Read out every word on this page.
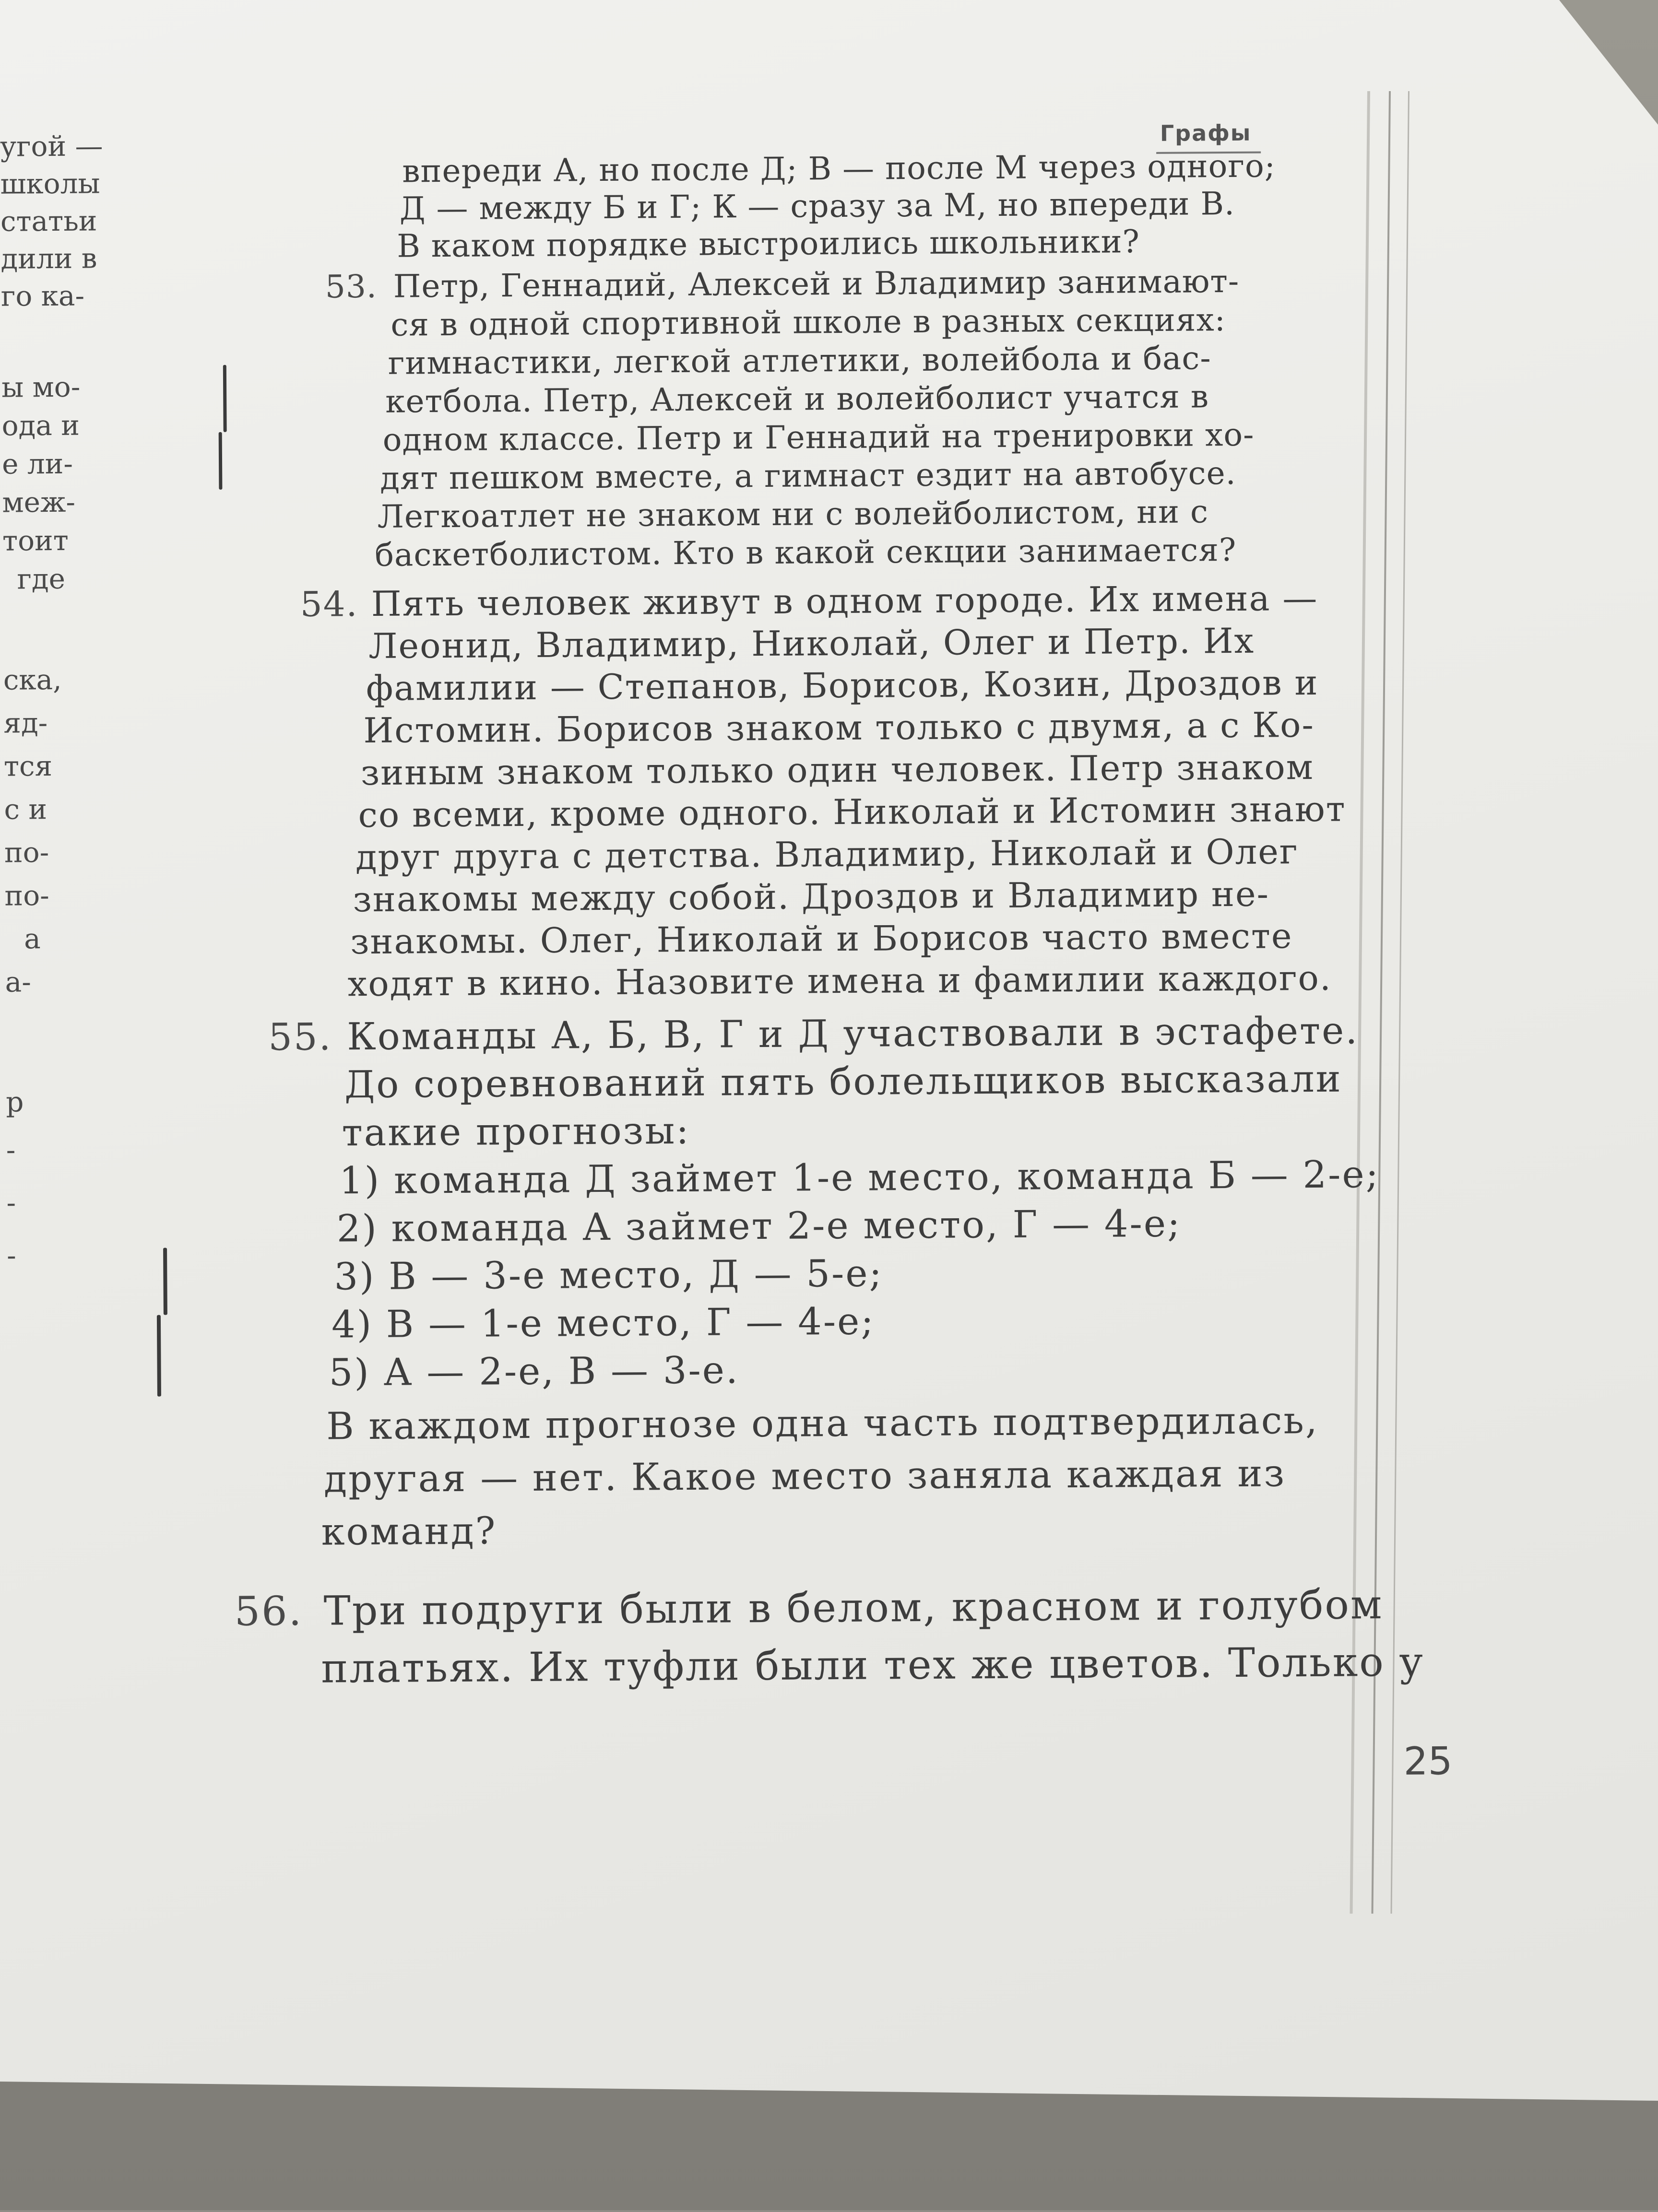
Графы
угой —
школы
статьи
дили в
го ка-
ы мо-
ода и
е ли-
меж-
тоит
где
ска,
яд-
тся
с и
по-
по-
а
а-
р
-
-
-
впереди А, но после Д; В — после М через одного;
Д — между Б и Г; К — сразу за М, но впереди В.
В каком порядке выстроились школьники?
53. Петр, Геннадий, Алексей и Владимир занимают-
ся в одной спортивной школе в разных секциях:
гимнастики, легкой атлетики, волейбола и бас-
кетбола. Петр, Алексей и волейболист учатся в
одном классе. Петр и Геннадий на тренировки хо-
дят пешком вместе, а гимнаст ездит на автобусе.
Легкоатлет не знаком ни с волейболистом, ни с
баскетболистом. Кто в какой секции занимается?
54. Пять человек живут в одном городе. Их имена —
Леонид, Владимир, Николай, Олег и Петр. Их
фамилии — Степанов, Борисов, Козин, Дроздов и
Истомин. Борисов знаком только с двумя, а с Ко-
зиным знаком только один человек. Петр знаком
со всеми, кроме одного. Николай и Истомин знают
друг друга с детства. Владимир, Николай и Олег
знакомы между собой. Дроздов и Владимир не-
знакомы. Олег, Николай и Борисов часто вместе
ходят в кино. Назовите имена и фамилии каждого.
55. Команды А, Б, В, Г и Д участвовали в эстафете.
До соревнований пять болельщиков высказали
такие прогнозы:
1) команда Д займет 1-е место, команда Б — 2-е;
2) команда А займет 2-е место, Г — 4-е;
3) В — 3-е место, Д — 5-е;
4) В — 1-е место, Г — 4-е;
5) А — 2-е, В — 3-е.
В каждом прогнозе одна часть подтвердилась,
другая — нет. Какое место заняла каждая из
команд?
56. Три подруги были в белом, красном и голубом
платьях. Их туфли были тех же цветов. Только у
25
